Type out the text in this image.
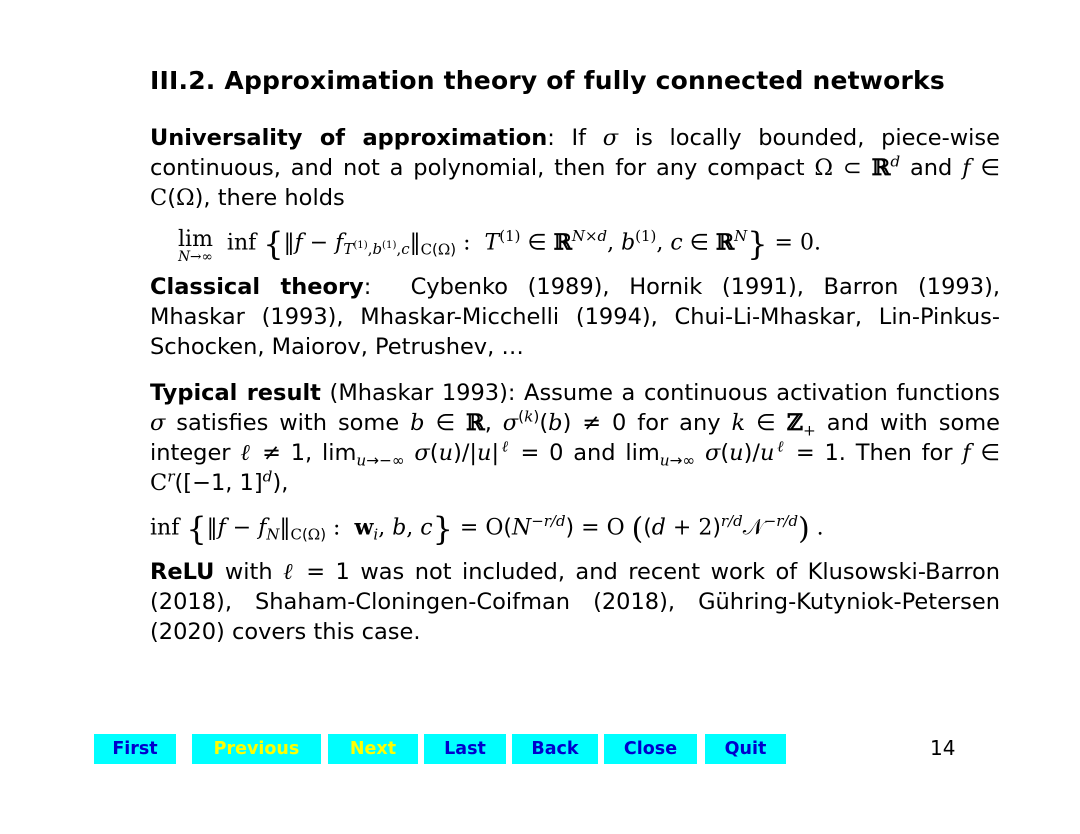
III.2. Approximation theory of fully connected networks

Universality of approximation: If σ is locally bounded, piece-wise continuous, and not a polynomial, then for any compact Ω ⊂ ℝ$^d$ and f ∈ C(Ω), there holds

lim
N→∞
inf {‖f − $f_{T^{(1)},b^{(1)},c}‖_{C(\Omega)}$ : $T^{(1)}$ ∈ ℝ$^{N\times d}$, $b^{(1)}$, c ∈ ℝ$^N$} = 0.

Classical theory:  Cybenko (1989), Hornik (1991), Barron (1993), Mhaskar (1993), Mhaskar-Micchelli (1994), Chui-Li-Mhaskar, Lin-Pinkus-Schocken, Maiorov, Petrushev, …

Typical result (Mhaskar 1993): Assume a continuous activation functions σ satisfies with some b ∈ ℝ, $\sigma^{(k)}(b) \ne 0$ for any k ∈ ℤ$_+$ and with some integer ℓ ≠ 1, $\lim_{u\to-\infty} \sigma(u)/|u|^\ell = 0$ and $\lim_{u\to\infty} \sigma(u)/u^\ell = 1$. Then for f ∈ $C^r([-1$, 1]$^d$),

inf {‖f − $f_N‖_{C(\Omega)}$ : $w_i$, b, $c\} = O(N^{-r/d}) = O$ $((d + 2)^{r/d}𝒩^{-r/d})$ .

ReLU with ℓ = 1 was not included, and recent work of Klusowski-Barron (2018), Shaham-Cloningen-Coifman (2018), Gühring-Kutyniok-Petersen (2020) covers this case.

First	Previous	Next	Last	Back	Close	Quit	14
